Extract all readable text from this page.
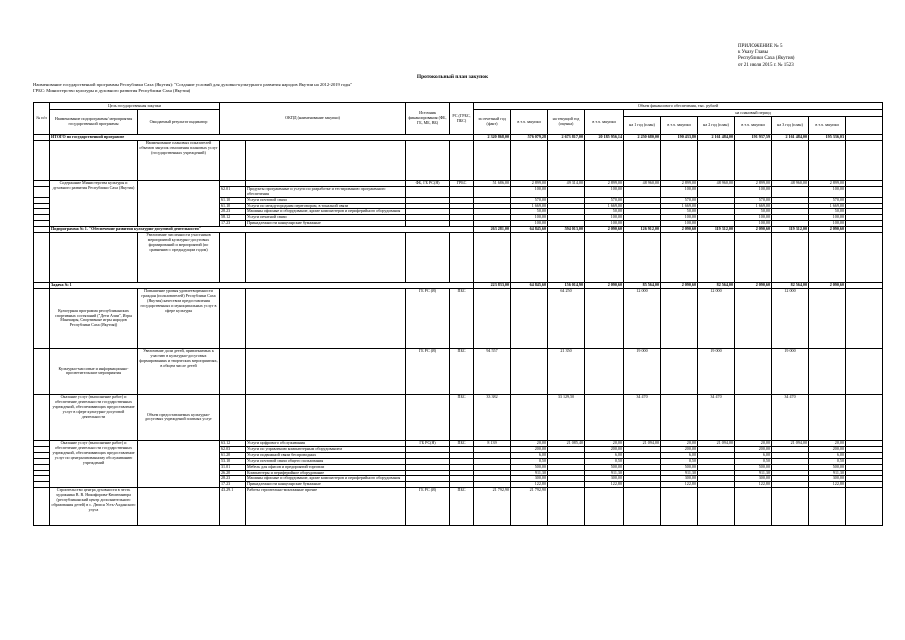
ПРИЛОЖЕНИЕ № 5
к Указу Главы
Республики Саха (Якутия)
от 21 июля 2015 г. № 1523
Протокольный план закупок
Наименование государственной программы Республики Саха (Якутия): "Создание условий для духовно-культурного развития народов Якутии на 2012-2019 годы"
ГРБС: Министерство культуры и духовного развития Республики Саха (Якутия)
№ п/п	Цель государственная закупки		ОКПД (наименование закупки)		Источник финансирования (ФБ, ГБ, МБ, ВБ)	РС (ГРБС, ПБС)	Объем финансового обеспечения, тыс. рублей										
	Наименование подпрограммы/ мероприятия государственной программы	Ожидаемый результат индикатор					за отчетный год (факт)	в т.ч. закупки	на текущий год (оценка)	в т.ч. закупки	на плановый период						
											на 1 год (план)	в т.ч. закупки	на 2 год (план)	в т.ч. закупки	на 3 год (план)	в т.ч. закупки	
	ИТОГО по государственной программе						2 320 868,00	576 079,28	2 673 817,00	20 185 956,14	2 250 680,00	190 433,80	2 161 484,00	191 937,59	2 161 484,00	195 336,03	
		Наименование плановых показателей объемов закупок отношения плановых услуг (государственных учреждений)															
	Содержание Министерства культуры и духовного развития Республики Саха (Якутия)				ФБ, ГБ РС(Я)	ГРБС	51 686,00	2 899,00	49 314,00	2 899,00	48 960,00	2 899,00	48 960,00	2 899,00	48 960,00	2 899,00	
			62.01	Продукты программные и услуги по разработке и тестированию программного обеспечения				100,00		100,00		100,00		100,00		100,00	
			61.10	Услуги почтовой связи				570,00		570,00		570,00		570,00		570,00	
			61.10	Услуги по междугородним переговорам, в тоналной связи				1 669,00		1 669,00		1 669,00		1 669,00		1 669,00	
			28.23	Машины офисные и оборудование, кроме компьютеров и периферийного оборудования				50,00		50,00		50,00		50,00		50,00	
			58.12	Услуги печатной связи				100,00		100,00		100,00		100,00		100,00	
			17.23	Принадлежности канцелярские бумажные				100,00		100,00		100,00		100,00		100,00	
	Подпрограмма № 1. "Обеспечение развития культурно-досуговой деятельности"						263 281,00	64 845,60	594 013,00	2 090,60	126 912,00	2 090,60	119 312,00	2 090,60	119 312,00	2 090,60	
		Увеличение численности участников мероприятий культурно-досуговых формирований и мероприятий (по сравнению с предыдущим годом)															
	Задача № 1						223 833,00	64 845,60	156 014,90	2 090,60	85 564,00	2 090,60	82 564,00	2 090,60	82 564,00	2 090,60	
	Культурная программа республиканских спортивных состязаний ("Дети Азии", Игры Манчаары, Спортивные игры народов Республики Саха (Якутия))	Повышение уровня удовлетворенности граждан (пользователей) Республики Саха (Якутия) качеством предоставления государственных и муниципальных услуг в сфере культуры			ГБ РС (Я)	ПБС			64 250		12 000		12 000		12 000		
	Культурно-массовые и информационно-просветительские мероприятия	Увеличение доли детей, привлекаемых к участию в культурно-досуговых формированиях и творческих мероприятиях, в общем числе детей			ГБ РС (Я)	ПБС	94 557		21 350		19 000		19 000		19 000		
	Оказание услуг (выполнение работ) и обеспечение деятельности государственных учреждений, обеспечивающих предоставление услуг в сфере культурно-досуговой деятельности	Объем предоставляемых культурно-досуговых учреждений платных услуг				ПБС	33 382		33 129,50		34 470		34 470		34 470		
	Оказание услуг (выполнение работ) и обеспечение деятельности государственных учреждений, обеспечивающих предоставление услуг по централизованному обслуживанию учреждений		63.12	Услуги цифрового обслуживания	ГБ РС(Я)	ПБС	8 139	20,00	21 085,40	20,00	21 094,00	20,00	21 094,00	20,00	21 094,00	20,00	
			62.03	Услуги по управлению компьютерным оборудованием				200,00		200,00		200,00		200,00		200,00	
			61.20	Услуги подвижной связи беспроводных				6,00		6,00		6,00		6,00		6,00	
			53.10	Услуги почтовой связи общего пользования				0,50		0,50		0,50		0,50		0,50	
			31.01	Мебель для офисов и предприятий торговли				500,00		500,00		500,00		500,00		500,00	
			26.20	Компьютеры и периферийное оборудование				911,30		911,30		911,30		911,30		911,30	
			28.23	Машины офисные и оборудование, кроме компьютеров и периферийного оборудования				300,00		300,00		300,00		300,00		300,00	
			17.23	Принадлежности канцелярские бумажные				122,80		122,80		122,80		122,80		122,80	
	Строительство центра духовности в честь художника В. В. Никифорова-Кюлюмнюра (республиканский центр дополнительного образования детей) в с. Дюпся Усть-Алданского улуса		43.29.1	Работы строительно-монтажные прочие	ГБ РС (Я)	ПБС	21 792,90	21 792,90									
